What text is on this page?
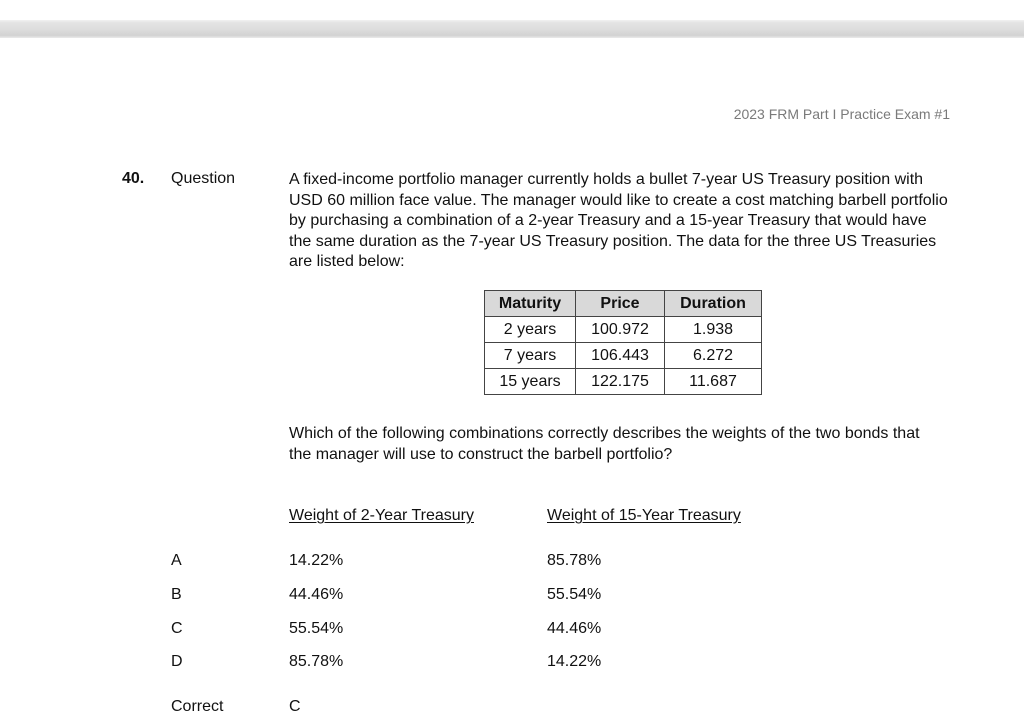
2023 FRM Part I Practice Exam #1
40. Question	A fixed-income portfolio manager currently holds a bullet 7-year US Treasury position with USD 60 million face value. The manager would like to create a cost matching barbell portfolio by purchasing a combination of a 2-year Treasury and a 15-year Treasury that would have the same duration as the 7-year US Treasury position. The data for the three US Treasuries are listed below:
Maturity	Price	Duration
2 years	100.972	1.938
7 years	106.443	6.272
15 years	122.175	11.687
Which of the following combinations correctly describes the weights of the two bonds that the manager will use to construct the barbell portfolio?
Weight of 2-Year Treasury	Weight of 15-Year Treasury
A	14.22%	85.78%
B	44.46%	55.54%
C	55.54%	44.46%
D	85.78%	14.22%
Correct	C
